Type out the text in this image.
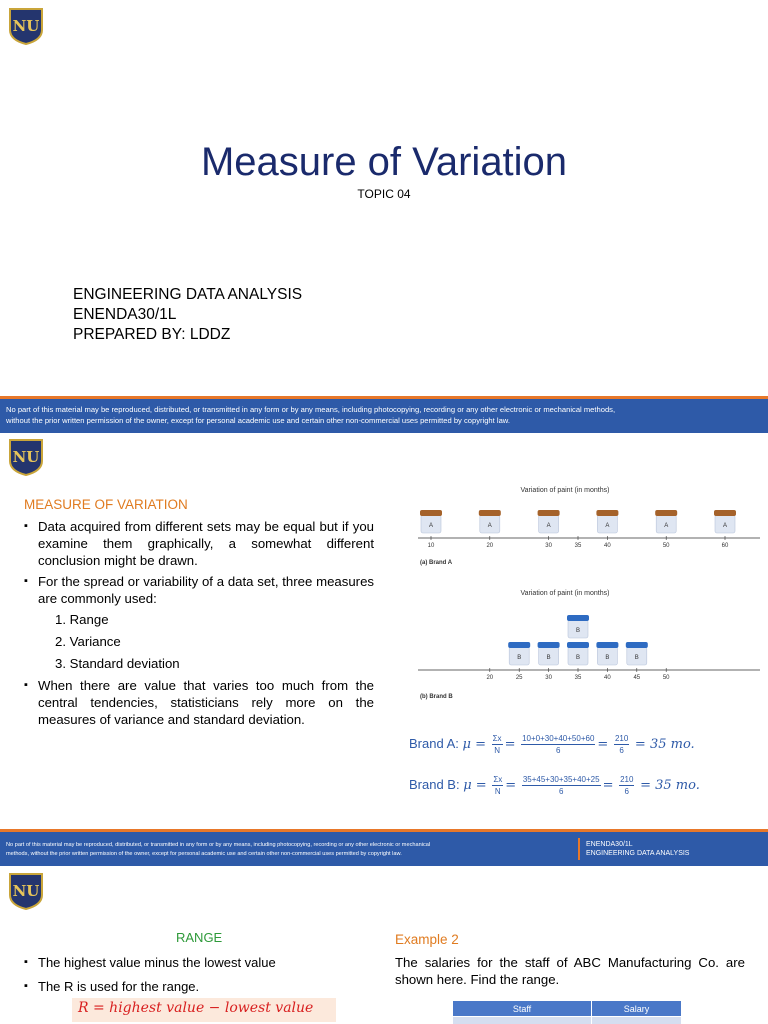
NU
Measure of Variation
TOPIC 04
ENGINEERING DATA ANALYSIS
ENENDA30/1L
PREPARED BY: LDDZ
No part of this material may be reproduced, distributed, or transmitted in any form or by any means, including photocopying, recording or any other electronic or mechanical methods,
without the prior written permission of the owner, except for personal academic use and certain other non-commercial uses permitted by copyright law.
NU
MEASURE OF VARIATION
▪ Data acquired from different sets may be equal but if you examine them graphically, a somewhat different conclusion might be drawn.
▪ For the spread or variability of a data set, three measures are commonly used:
1. Range
2. Variance
3. Standard deviation
▪ When there are value that varies too much from the central tendencies, statisticians rely more on the measures of variance and standard deviation.
Variation of paint (in months)
10	20	30	35	40	50	60
A	A	A	A	A	A
(a) Brand A
Variation of paint (in months)
20	25	30	35	40	45	50
B	B	B
B
B	B
(b) Brand B
Brand A: $\mu = \frac{\Sigma x}{N} = \frac{10+0+30+40+50+60}{6} = \frac{210}{6} = 35$ mo.
Brand B: $\mu = \frac{\Sigma x}{N} = \frac{35+45+30+35+40+25}{6} = \frac{210}{6} = 35$ mo.
No part of this material may be reproduced, distributed, or transmitted in any form or by any means, including photocopying, recording or any other electronic or mechanical
methods, without the prior written permission of the owner, except for personal academic use and certain other non-commercial uses permitted by copyright law.
ENENDA30/1L
ENGINEERING DATA ANALYSIS
NU
RANGE
▪ The highest value minus the lowest value
▪ The R is used for the range.
R = highest value − lowest value
Example 2
The salaries for the staff of ABC Manufacturing Co. are shown here. Find the range.
Staff	Salary
